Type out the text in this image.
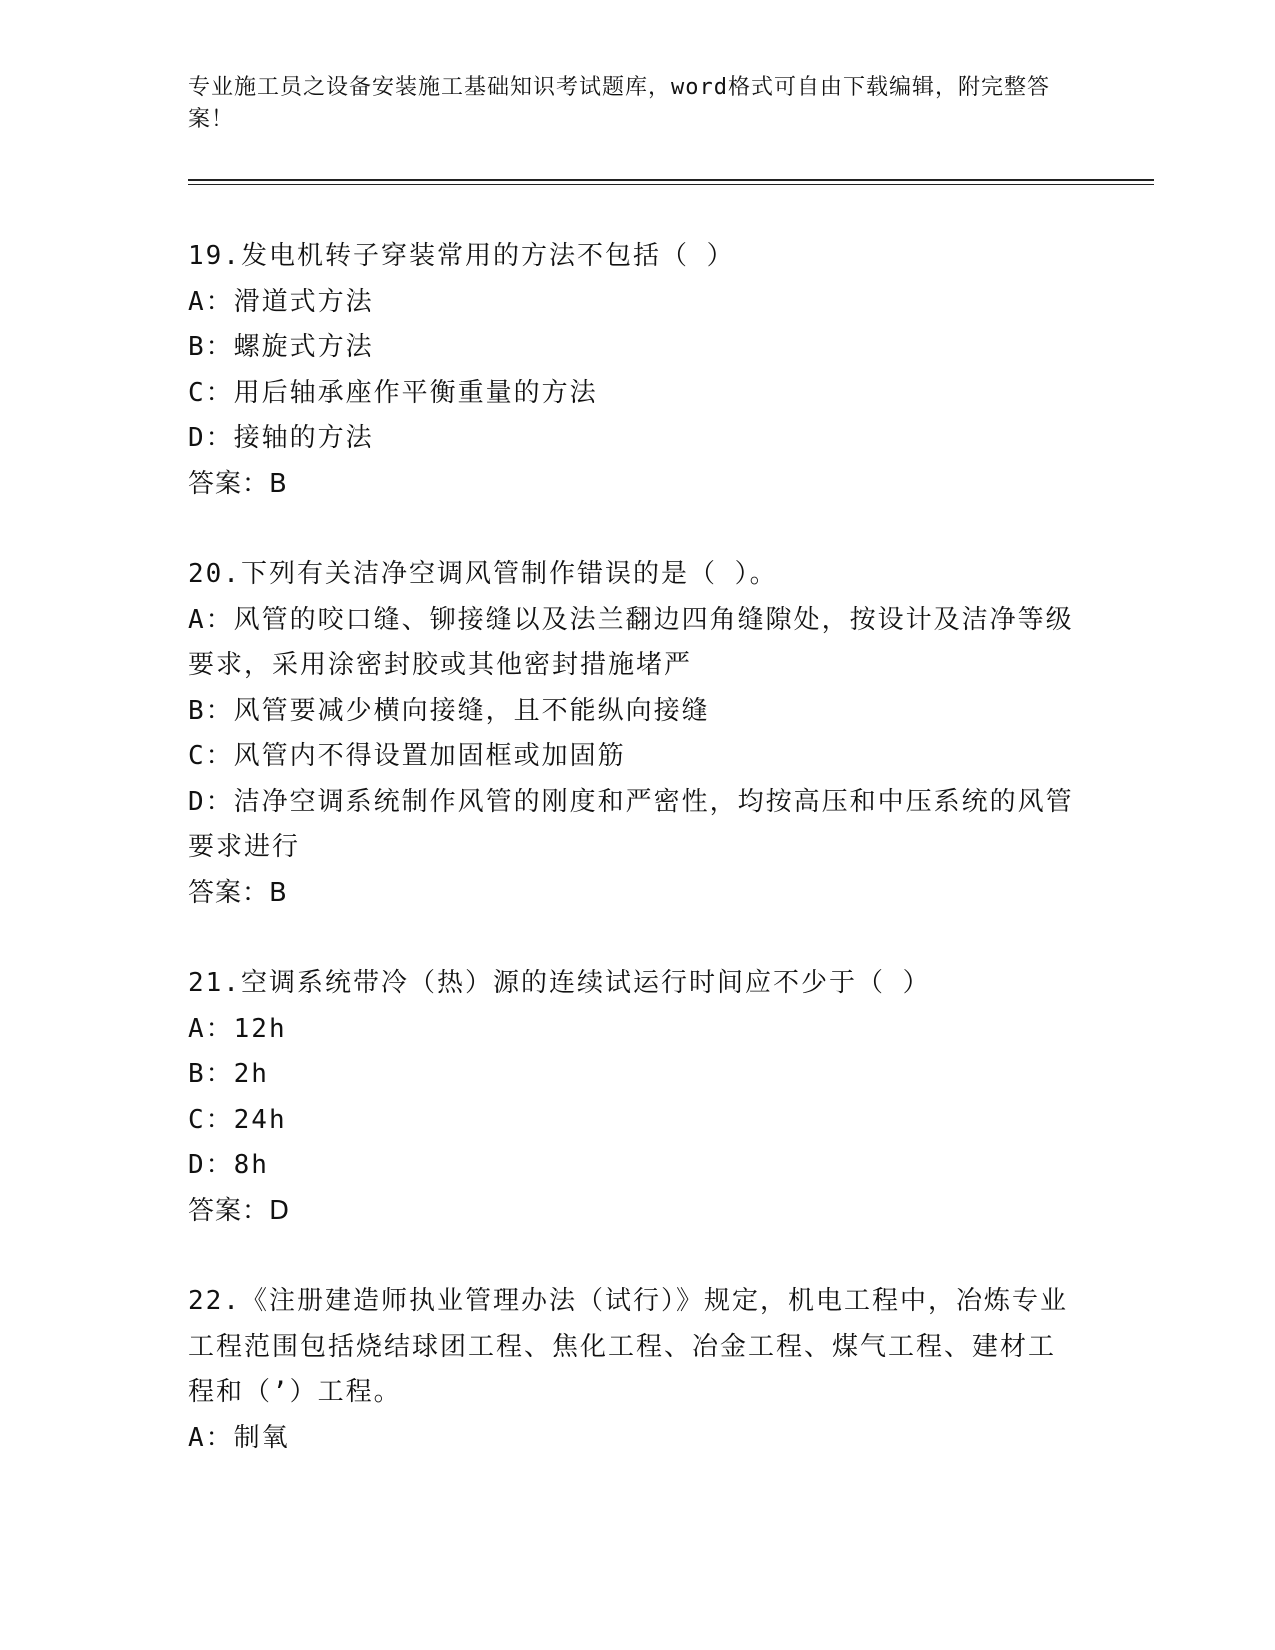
专业施工员之设备安装施工基础知识考试题库，word格式可自由下载编辑，附完整答案！

19.发电机转子穿装常用的方法不包括（ ）

A：滑道式方法

B：螺旋式方法

C：用后轴承座作平衡重量的方法

D：接轴的方法

答案：B

20.下列有关洁净空调风管制作错误的是（ ）。

A：风管的咬口缝、铆接缝以及法兰翻边四角缝隙处，按设计及洁净等级要求，采用涂密封胶或其他密封措施堵严

B：风管要减少横向接缝，且不能纵向接缝

C：风管内不得设置加固框或加固筋

D：洁净空调系统制作风管的刚度和严密性，均按高压和中压系统的风管要求进行

答案：B

21.空调系统带冷（热）源的连续试运行时间应不少于（ ）

A：12h

B：2h

C：24h

D：8h

答案：D

22.《注册建造师执业管理办法（试行）》规定，机电工程中，冶炼专业工程范围包括烧结球团工程、焦化工程、冶金工程、煤气工程、建材工程和（’）工程。

A：制氧
